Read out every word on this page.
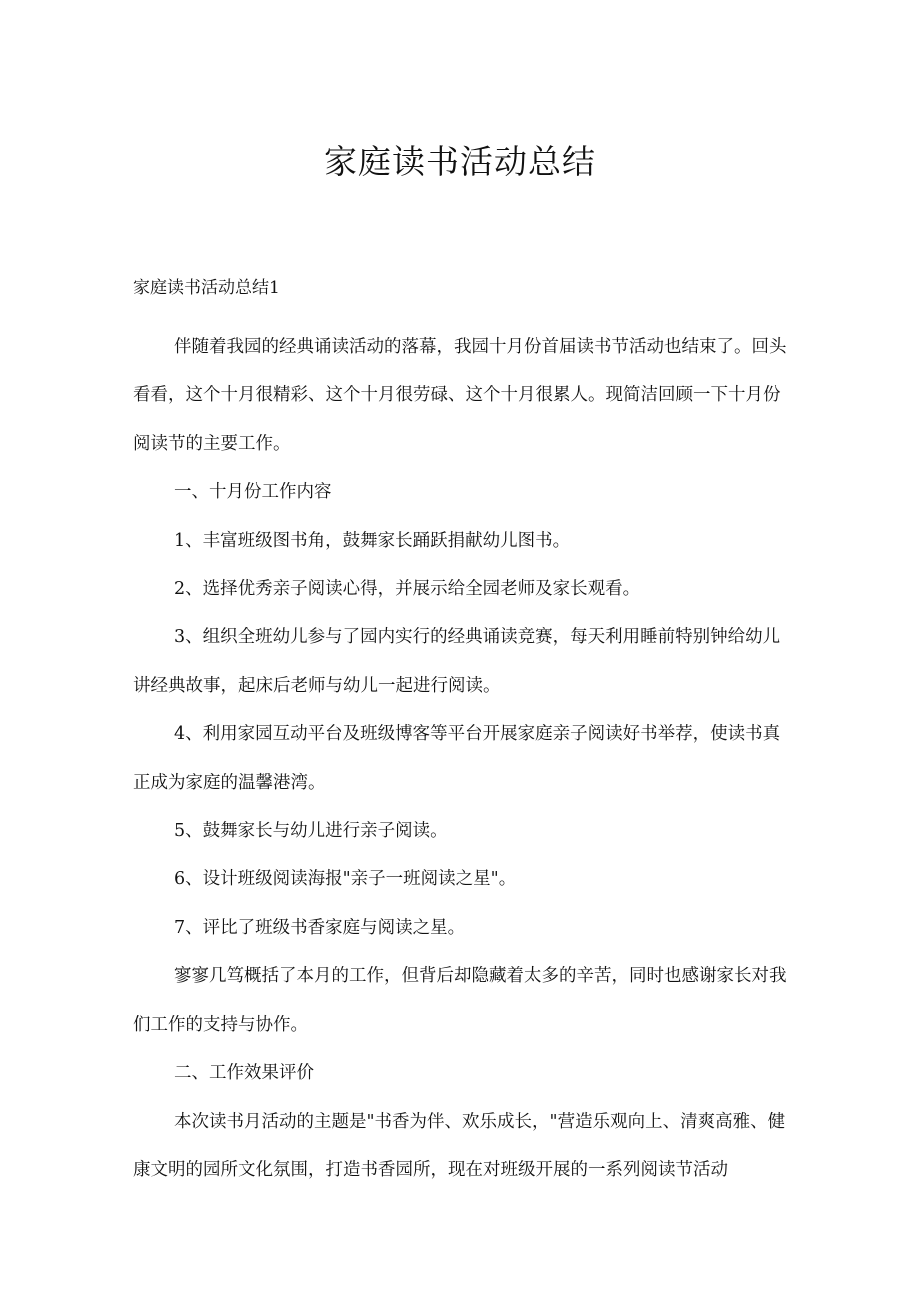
家庭读书活动总结

家庭读书活动总结1

伴随着我园的经典诵读活动的落幕，我园十月份首届读书节活动也结束了。回头看看，这个十月很精彩、这个十月很劳碌、这个十月很累人。现简洁回顾一下十月份阅读节的主要工作。

一、十月份工作内容

1、丰富班级图书角，鼓舞家长踊跃捐献幼儿图书。

2、选择优秀亲子阅读心得，并展示给全园老师及家长观看。

3、组织全班幼儿参与了园内实行的经典诵读竞赛，每天利用睡前特别钟给幼儿讲经典故事，起床后老师与幼儿一起进行阅读。

4、利用家园互动平台及班级博客等平台开展家庭亲子阅读好书举荐，使读书真正成为家庭的温馨港湾。

5、鼓舞家长与幼儿进行亲子阅读。

6、设计班级阅读海报"亲子一班阅读之星"。

7、评比了班级书香家庭与阅读之星。

寥寥几笃概括了本月的工作，但背后却隐藏着太多的辛苦，同时也感谢家长对我们工作的支持与协作。

二、工作效果评价

本次读书月活动的主题是"书香为伴、欢乐成长，"营造乐观向上、清爽高雅、健康文明的园所文化氛围，打造书香园所，现在对班级开展的一系列阅读节活动
